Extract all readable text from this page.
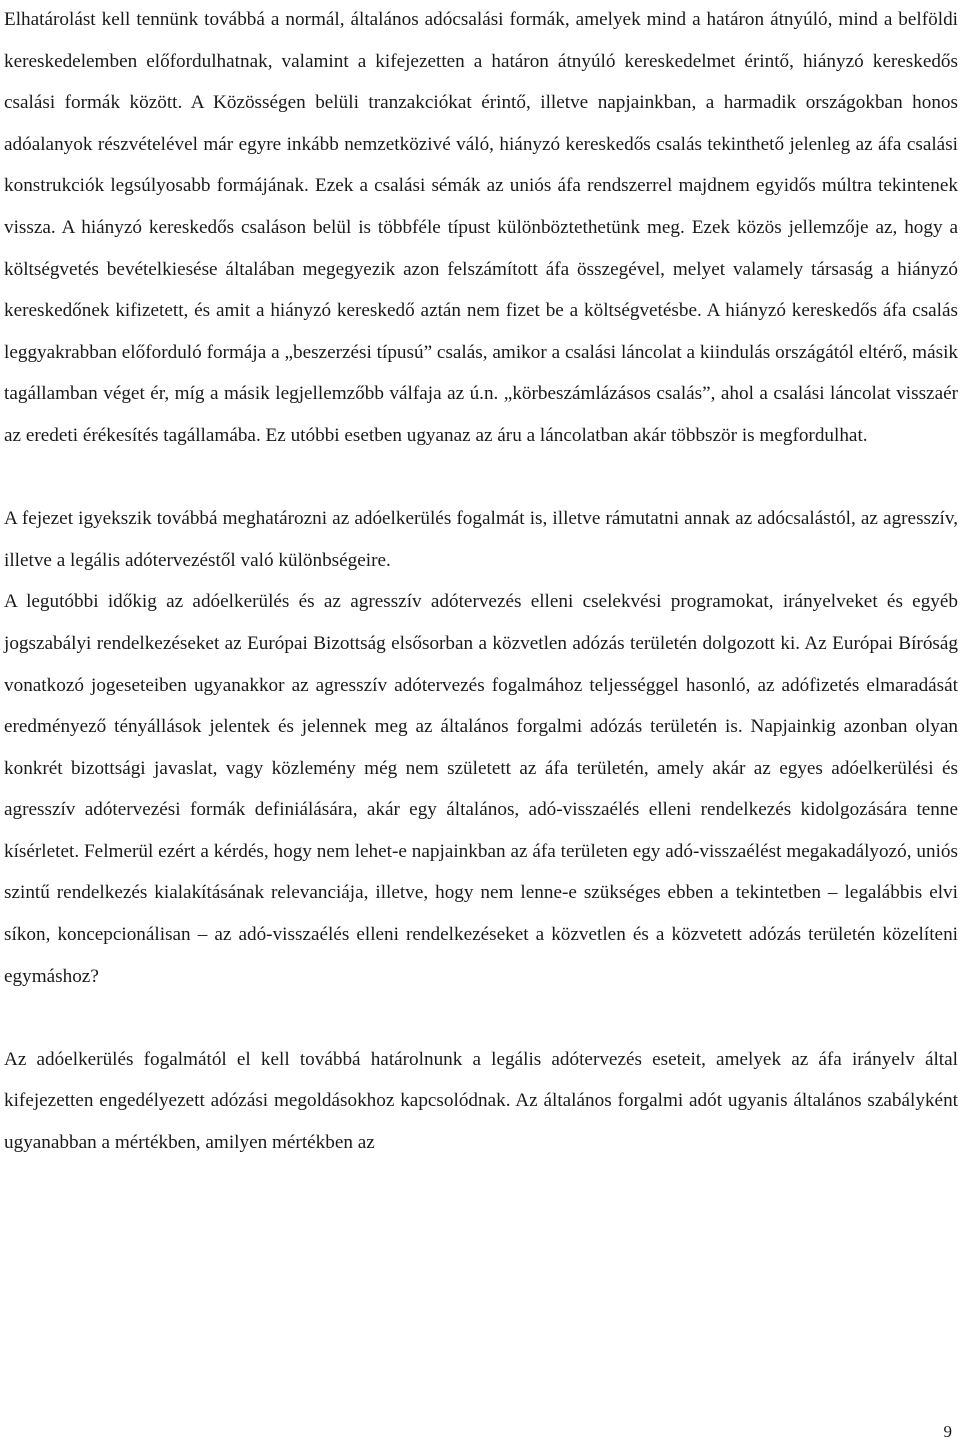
Elhatárolást kell tennünk továbbá a normál, általános adócsalási formák, amelyek mind a határon átnyúló, mind a belföldi kereskedelemben előfordulhatnak, valamint a kifejezetten a határon átnyúló kereskedelmet érintő, hiányzó kereskedős csalási formák között. A Közösségen belüli tranzakciókat érintő, illetve napjainkban, a harmadik országokban honos adóalanyok részvételével már egyre inkább nemzetközivé váló, hiányzó kereskedős csalás tekinthető jelenleg az áfa csalási konstrukciók legsúlyosabb formájának. Ezek a csalási sémák az uniós áfa rendszerrel majdnem egyidős múltra tekintenek vissza. A hiányzó kereskedős csaláson belül is többféle típust különböztethetünk meg. Ezek közös jellemzője az, hogy a költségvetés bevételkiesése általában megegyezik azon felszámított áfa összegével, melyet valamely társaság a hiányzó kereskedőnek kifizetett, és amit a hiányzó kereskedő aztán nem fizet be a költségvetésbe. A hiányzó kereskedős áfa csalás leggyakrabban előforduló formája a „beszerzési típusú” csalás, amikor a csalási láncolat a kiindulás országától eltérő, másik tagállamban véget ér, míg a másik legjellemzőbb válfaja az ú.n. „körbeszámlázásos csalás”, ahol a csalási láncolat visszaér az eredeti érékesítés tagállamába. Ez utóbbi esetben ugyanaz az áru a láncolatban akár többször is megfordulhat.

A fejezet igyekszik továbbá meghatározni az adóelkerülés fogalmát is, illetve rámutatni annak az adócsalástól, az agresszív, illetve a legális adótervezéstől való különbségeire.

A legutóbbi időkig az adóelkerülés és az agresszív adótervezés elleni cselekvési programokat, irányelveket és egyéb jogszabályi rendelkezéseket az Európai Bizottság elsősorban a közvetlen adózás területén dolgozott ki. Az Európai Bíróság vonatkozó jogeseteiben ugyanakkor az agresszív adótervezés fogalmához teljességgel hasonló, az adófizetés elmaradását eredményező tényállások jelentek és jelennek meg az általános forgalmi adózás területén is. Napjainkig azonban olyan konkrét bizottsági javaslat, vagy közlemény még nem született az áfa területén, amely akár az egyes adóelkerülési és agresszív adótervezési formák definiálására, akár egy általános, adó-visszaélés elleni rendelkezés kidolgozására tenne kísérletet. Felmerül ezért a kérdés, hogy nem lehet-e napjainkban az áfa területen egy adó-visszaélést megakadályozó, uniós szintű rendelkezés kialakításának relevanciája, illetve, hogy nem lenne-e szükséges ebben a tekintetben – legalábbis elvi síkon, koncepcionálisan – az adó-visszaélés elleni rendelkezéseket a közvetlen és a közvetett adózás területén közelíteni egymáshoz?

Az adóelkerülés fogalmától el kell továbbá határolnunk a legális adótervezés eseteit, amelyek az áfa irányelv által kifejezetten engedélyezett adózási megoldásokhoz kapcsolódnak. Az általános forgalmi adót ugyanis általános szabályként ugyanabban a mértékben, amilyen mértékben az

9
